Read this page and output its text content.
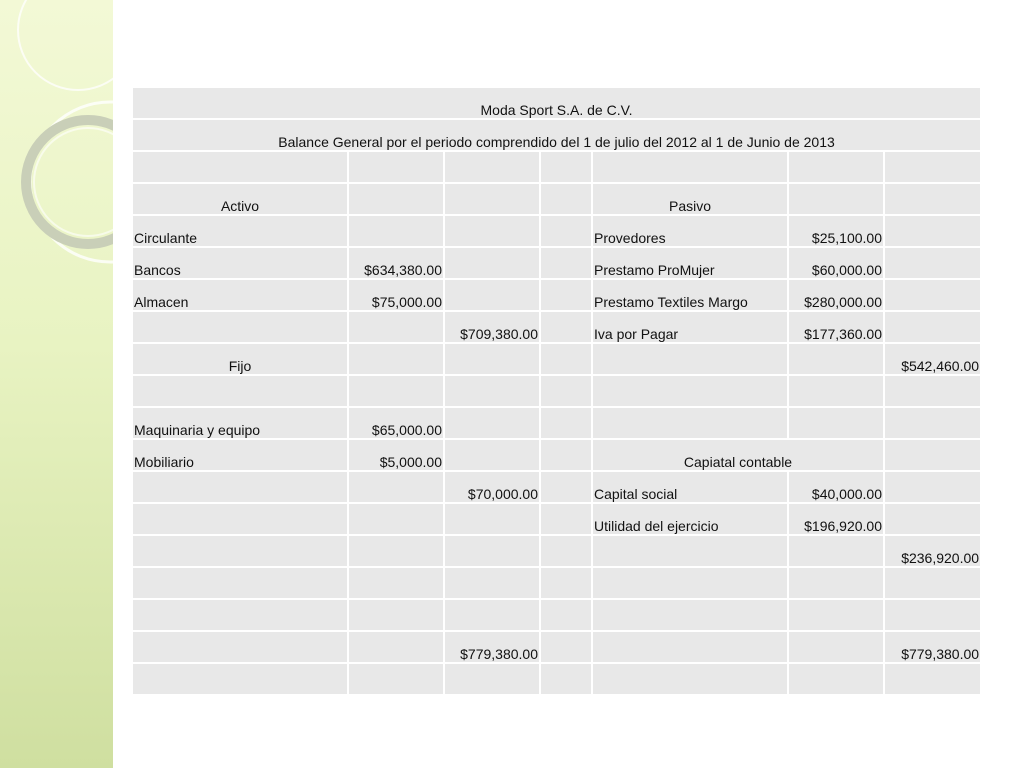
Moda Sport S.A. de C.V.						
Balance General por el periodo comprendido del 1 de julio del 2012 al 1 de Junio de 2013						

Activo				Pasivo		
Circulante				Provedores	$25,100.00	
Bancos	$634,380.00			Prestamo ProMujer	$60,000.00	
Almacen	$75,000.00			Prestamo Textiles Margo	$280,000.00	
		$709,380.00		Iva por Pagar	$177,360.00	
Fijo						$542,460.00

Maquinaria y equipo	$65,000.00					
Mobiliario	$5,000.00			Capiatal contable		
		$70,000.00		Capital social	$40,000.00	
				Utilidad del ejercicio	$196,920.00	
						$236,920.00

		$779,380.00				$779,380.00
